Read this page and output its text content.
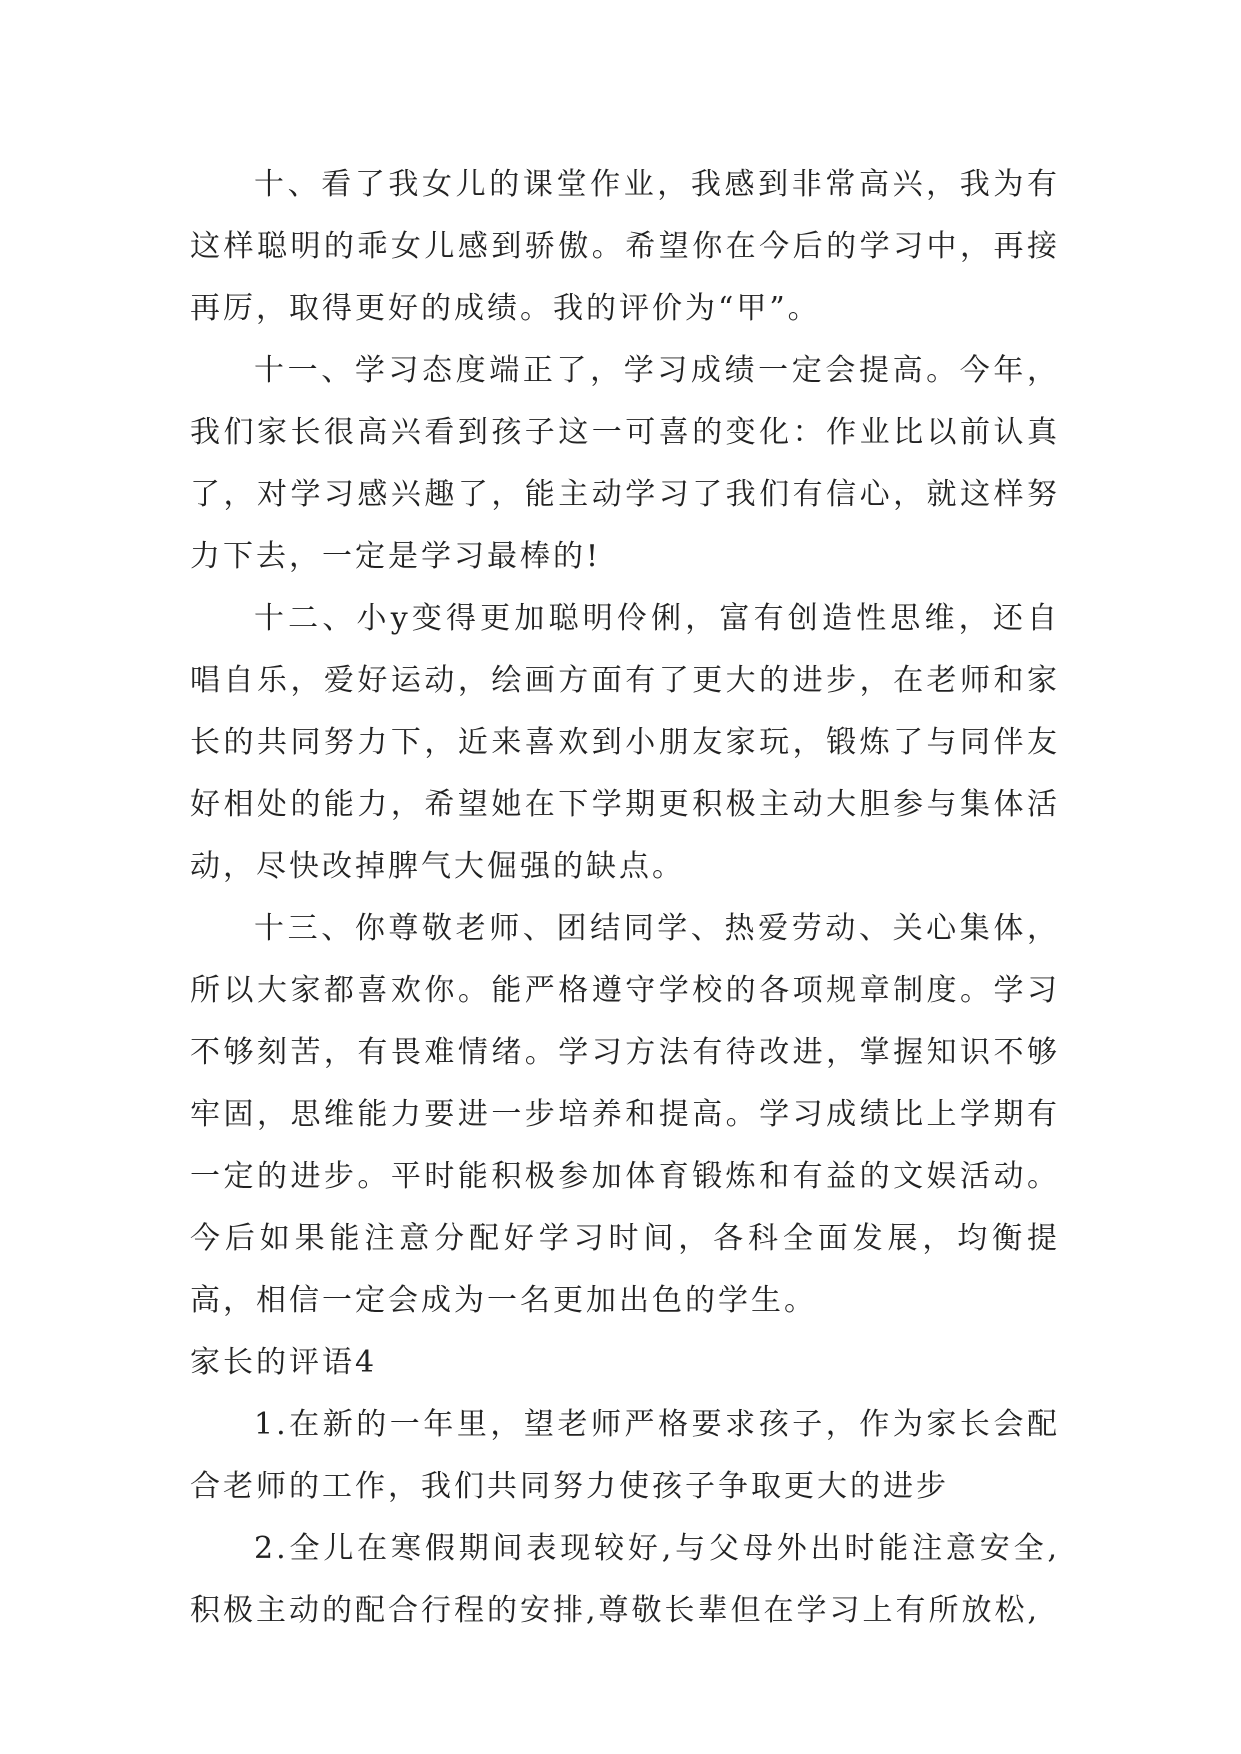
十、看了我女儿的课堂作业，我感到非常高兴，我为有这样聪明的乖女儿感到骄傲。希望你在今后的学习中，再接再厉，取得更好的成绩。我的评价为“甲”。

十一、学习态度端正了，学习成绩一定会提高。今年，我们家长很高兴看到孩子这一可喜的变化：作业比以前认真了，对学习感兴趣了，能主动学习了我们有信心，就这样努力下去，一定是学习最棒的!

十二、小y变得更加聪明伶俐，富有创造性思维，还自唱自乐，爱好运动，绘画方面有了更大的进步，在老师和家长的共同努力下，近来喜欢到小朋友家玩，锻炼了与同伴友好相处的能力，希望她在下学期更积极主动大胆参与集体活动，尽快改掉脾气大倔强的缺点。

十三、你尊敬老师、团结同学、热爱劳动、关心集体，所以大家都喜欢你。能严格遵守学校的各项规章制度。学习不够刻苦，有畏难情绪。学习方法有待改进，掌握知识不够牢固，思维能力要进一步培养和提高。学习成绩比上学期有一定的进步。平时能积极参加体育锻炼和有益的文娱活动。今后如果能注意分配好学习时间，各科全面发展，均衡提高，相信一定会成为一名更加出色的学生。

家长的评语4

1.在新的一年里，望老师严格要求孩子，作为家长会配合老师的工作，我们共同努力使孩子争取更大的进步

2.全儿在寒假期间表现较好,与父母外出时能注意安全,积极主动的配合行程的安排,尊敬长辈但在学习上有所放松,
